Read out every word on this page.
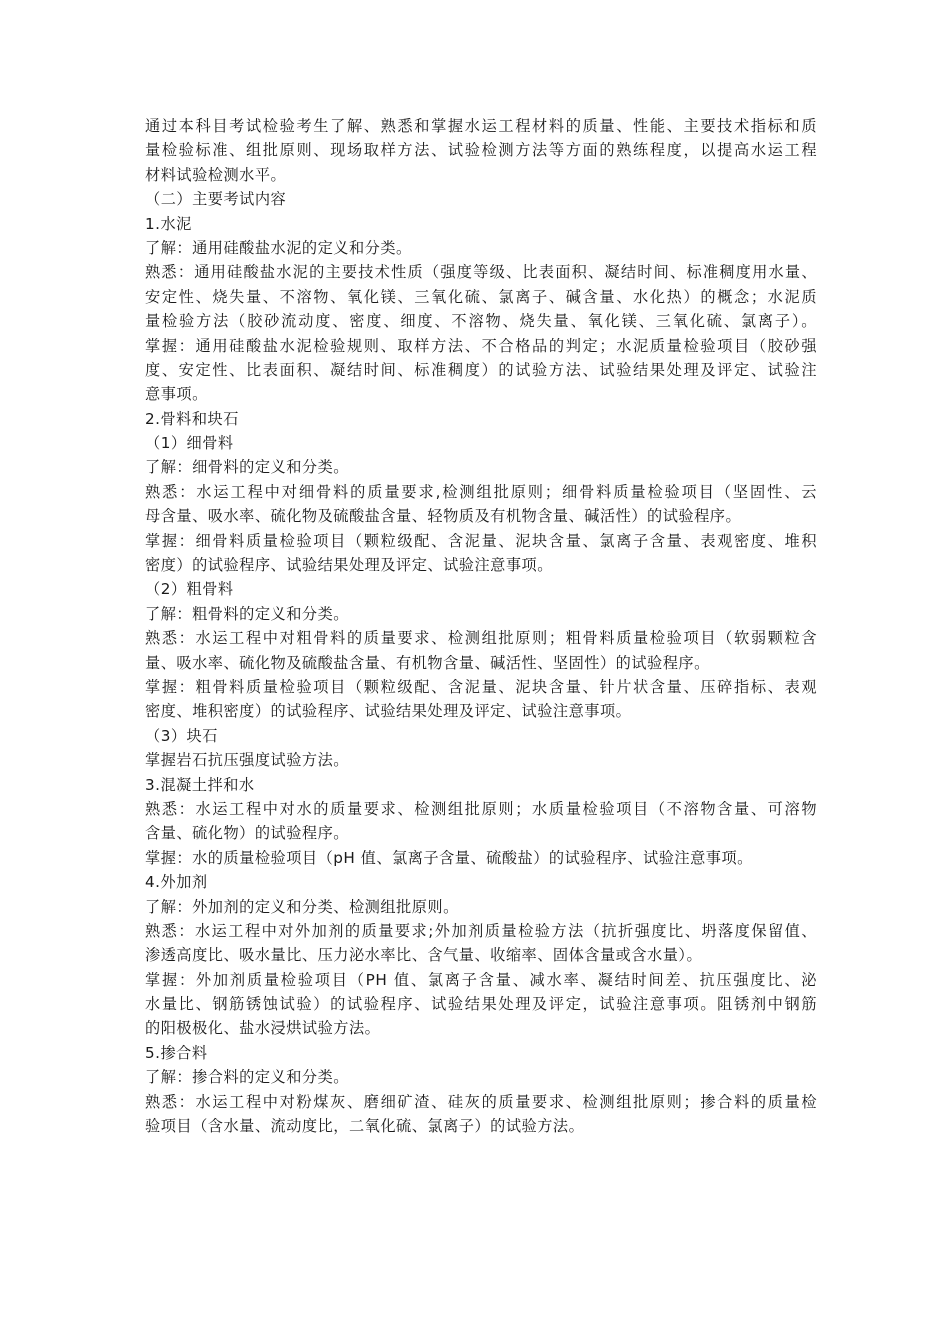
通过本科目考试检验考生了解、熟悉和掌握水运工程材料的质量、性能、主要技术指标和质
量检验标准、组批原则、现场取样方法、试验检测方法等方面的熟练程度，以提高水运工程
材料试验检测水平。
（二）主要考试内容
1.水泥
了解：通用硅酸盐水泥的定义和分类。
熟悉：通用硅酸盐水泥的主要技术性质（强度等级、比表面积、凝结时间、标准稠度用水量、
安定性、烧失量、不溶物、氧化镁、三氧化硫、氯离子、碱含量、水化热）的概念；水泥质
量检验方法（胶砂流动度、密度、细度、不溶物、烧失量、氧化镁、三氧化硫、氯离子）。
掌握：通用硅酸盐水泥检验规则、取样方法、不合格品的判定；水泥质量检验项目（胶砂强
度、安定性、比表面积、凝结时间、标准稠度）的试验方法、试验结果处理及评定、试验注
意事项。
2.骨料和块石
（1）细骨料
了解：细骨料的定义和分类。
熟悉：水运工程中对细骨料的质量要求,检测组批原则；细骨料质量检验项目（坚固性、云
母含量、吸水率、硫化物及硫酸盐含量、轻物质及有机物含量、碱活性）的试验程序。
掌握：细骨料质量检验项目（颗粒级配、含泥量、泥块含量、氯离子含量、表观密度、堆积
密度）的试验程序、试验结果处理及评定、试验注意事项。
（2）粗骨料
了解：粗骨料的定义和分类。
熟悉：水运工程中对粗骨料的质量要求、检测组批原则；粗骨料质量检验项目（软弱颗粒含
量、吸水率、硫化物及硫酸盐含量、有机物含量、碱活性、坚固性）的试验程序。
掌握：粗骨料质量检验项目（颗粒级配、含泥量、泥块含量、针片状含量、压碎指标、表观
密度、堆积密度）的试验程序、试验结果处理及评定、试验注意事项。
（3）块石
掌握岩石抗压强度试验方法。
3.混凝土拌和水
熟悉：水运工程中对水的质量要求、检测组批原则；水质量检验项目（不溶物含量、可溶物
含量、硫化物）的试验程序。
掌握：水的质量检验项目（pH 值、氯离子含量、硫酸盐）的试验程序、试验注意事项。
4.外加剂
了解：外加剂的定义和分类、检测组批原则。
熟悉：水运工程中对外加剂的质量要求;外加剂质量检验方法（抗折强度比、坍落度保留值、
渗透高度比、吸水量比、压力泌水率比、含气量、收缩率、固体含量或含水量）。
掌握：外加剂质量检验项目（PH 值、氯离子含量、减水率、凝结时间差、抗压强度比、泌
水量比、钢筋锈蚀试验）的试验程序、试验结果处理及评定，试验注意事项。阻锈剂中钢筋
的阳极极化、盐水浸烘试验方法。
5.掺合料
了解：掺合料的定义和分类。
熟悉：水运工程中对粉煤灰、磨细矿渣、硅灰的质量要求、检测组批原则；掺合料的质量检
验项目（含水量、流动度比，二氧化硫、氯离子）的试验方法。
